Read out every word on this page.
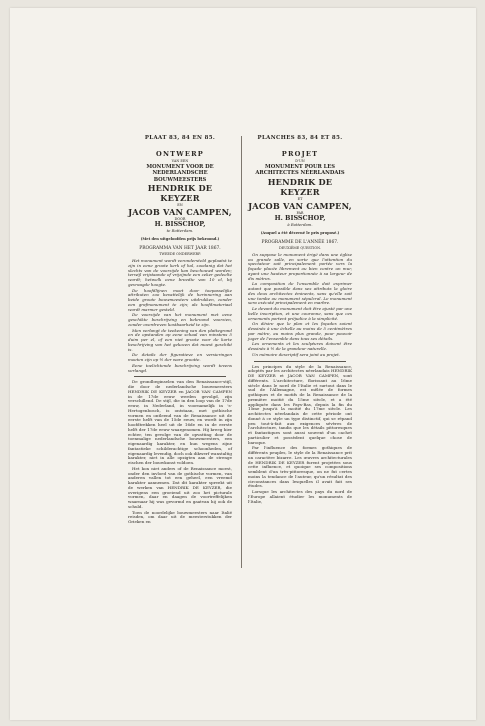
PLAAT 83, 84 EN 85.
ONTWERP
VAN EEN
MONUMENT VOOR DE NEDERLANDSCHE
BOUWMEESTERS
HENDRIK DE KEYZER
EN
JACOB VAN CAMPEN,
DOOR
H. BISSCHOP,
te Rotterdam.
(Met den uitgeloofden prijs bekroond.)
PROGRAMMA VAN HET JAAR 1867.
TWEEDE ONDERWERP.

Het monument wordt verondersteld geplaatst te zijn in eene groote kerk of hal, zoodanig dat het slechts van de voorzijde kan beschouwd worden; terwijl vrijstaande of vrijzijnde een zeker gedeelte wordt; hetwelk eene breedte van 10 el, bij gevraagde hoogte.

De hoofdlijnen moet door toepasselijke attributen zoo bevattelijk de herinnering aan beide groote bouwmeesters uitdrukken, zonder een grafmonument te zijn; als hoofdmateriaal wordt marmer gesteld.

De voorzijde van het monument met eene geschikte beschrijving en bekroond voorzien, zonder overdreven kostbaarheid te zijn.

Men verlangt de teekening van den plattegrond en de opstanden op eene schaal van minstens 5 duim per el, of een niet groote voor de korte beschrijving van het gekozen dat moest geschikt is.

De details der figuratieve en versieringen moeten zijn op ½ der ware grootte.

Eene toelichtende beschrijving wordt tevens verlangd.

De grondbeginselen van den Renaissance-stijl, die door de nederlandsche bouwmeesters HENDRIK DE KEYZER en JACOB VAN CAMPEN in de 17de eeuw werden gevolgd, zijn verschillend. De stijl, die in den loop van de 17de eeuw, in Nederland, in voornamelijk in 's-Hertogenbosch, is ontstaan, met gothische vormen en ontleend van de Renaissance uit de eerste helft van de 15de eeuw, en wordt in zijn hoofdtrekken heel uit de 16de en in de eerste helft der 17de eeuw waargenomen. Hij kreeg hier echter, ten gevolge van de opvatting door de toenmalige nederlandsche bouwmeesters, een eigenaardig karakter, en hun wegens zijne fantastieke schilderachtige schoonheden, of eigenaardig levendig, doch ook dikwerf wanstaltig karakter, niet in alle opzigten aan de strenge eischen der bouwkunst voldoen.

Het kon niet anders of de Renaissance moest, onder den invloed van de gothische vormen, van anderen vallen tot een geheel, een vreemd karakter aannemen. Dat dit karakter spreekt uit de werken van HENDRIK DE KEYZER, die overigens een groeiend uit zoo het picturale vormen, daar en daagen de voortreffelijken waarnaar hij was gevormd en gaatvan hij ook de schuld.

Toen de noordelijke bouwmeesters naar Italië reisden, om daar uit de meesterstukken der Grieken en

PLANCHES 83, 84 ET 85.
PROJET
D'UN
MONUMENT POUR LES ARCHITECTES NÉERLANDAIS
HENDRIK DE KEYZER
ET
JACOB VAN CAMPEN,
PAR
H. BISSCHOP,
à Rotterdam.
(Auquel a été décerné le prix proposé.)
PROGRAMME DE L'ANNÉE 1867.
DEUXIÈME QUESTION.

On suppose le monument érigé dans une église ou grande salle, en sorte que l'attention du spectateur soit principalement portée vers la façade placée librement ou bien contre un mur, ayant une hauteur proportionnée à sa largeur de dix mètres.

La composition de l'ensemble doit exprimer autant que possible dans ses attributs la gloire des deux architectes éminents, sans qu'elle soit une tombe ou monument sépulcral. Le monument sera exécuté principalement en marbre.

Le devant du monument doit être ajusté par une belle inscription, et une couronne, sans que ces ornements portent préjudice à la simplicité.

On désire que le plan et les façades soient dessinés à une échelle au moins de 5 centimètres par mètre, au moins plus grande, pour pouvoir juger de l'ensemble dans tous ses détails.

Les ornements et les sculptures doivent être dessinés à ½ de la grandeur naturelle.

Un mémoire descriptif sera joint au projet.

Les principes du style de la Renaissance, adoptés par les architectes néerlandais HENDRIK DE KEYZER et JACOB VAN CAMPEN, sont différents. L'architecture, florissant au 16me siècle dans le nord de l'Italie et surtout dans le sud de l'Allemagne, est mêlée de formes gothiques et de motifs de la Renaissance de la première moitié du 15me siècle, et a été appliquée dans les Pays-Bas, depuis la fin du 15me jusqu'à la moitié du 17me siècle. Les architectes néerlandais de cette période ont donné à ce style un type distinctif, qui se répand peu tout-à-fait aux exigences sévères de l'architecture, tandis que les détails pittoresques et fantastiques sont aussi souvent d'un cachet particulier et possèdent quelque chose de baroque.

Par l'influence des formes gothiques de différents peuples, le style de la Renaissance prit un caractère bizarre. Les œuvres architecturales de HENDRIK DE KEYZER furent projetées sous cette influence, et quoique ses compositions semblent d'un très-pittoresque, on ne fut certes moins la tendance de l'auteur, qu'un résultat des circonstances dans lesquelles il avait fait ses études.

Lorsque les architectes des pays du nord de l'Europe allaient étudier les monuments de l'Italie,
